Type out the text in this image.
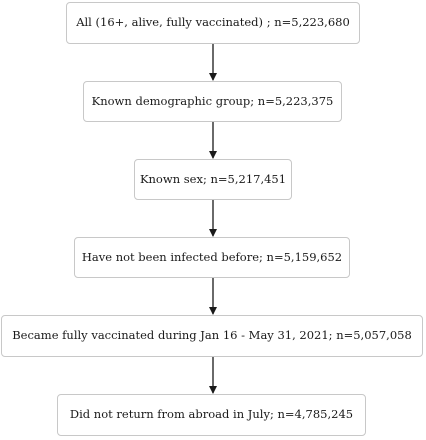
All (16+, alive, fully vaccinated) ; n=5,223,680
Known demographic group; n=5,223,375
Known sex; n=5,217,451
Have not been infected before; n=5,159,652
Became fully vaccinated during Jan 16 - May 31, 2021; n=5,057,058
Did not return from abroad in July; n=4,785,245
